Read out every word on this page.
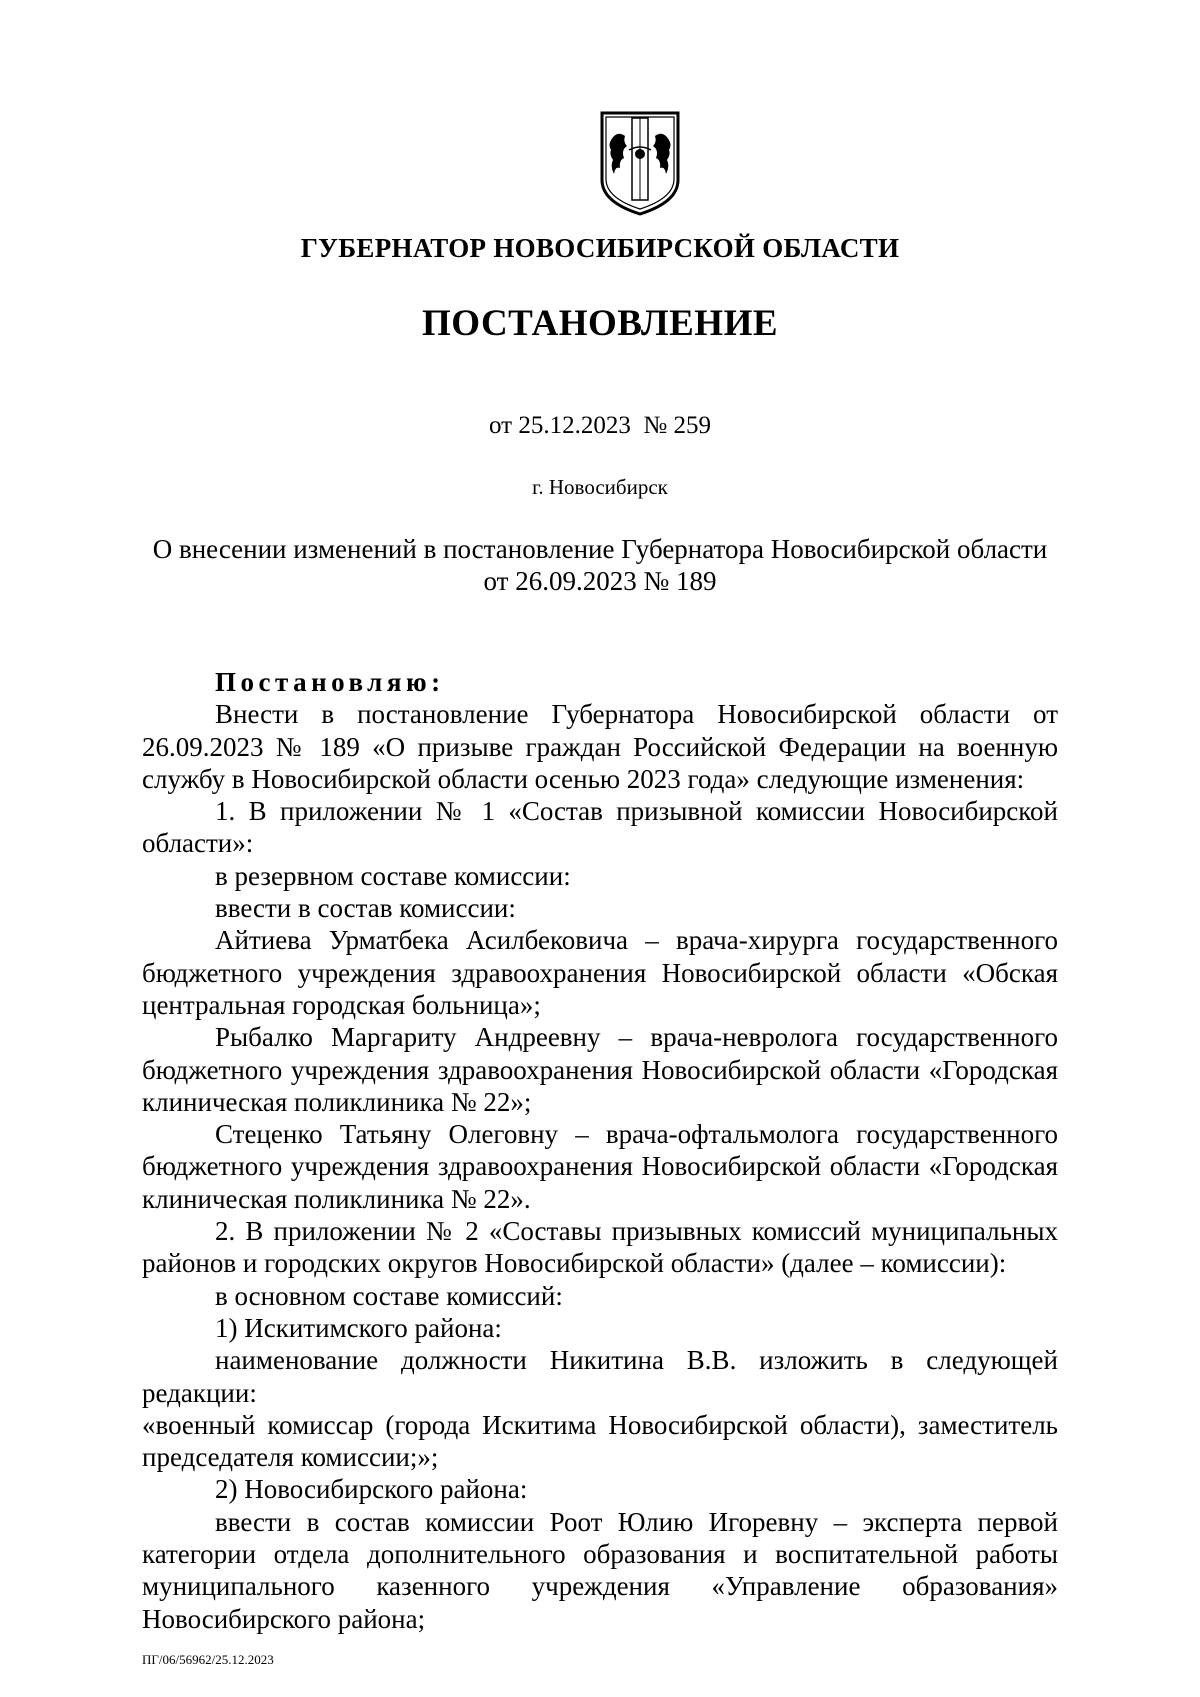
ГУБЕРНАТОР НОВОСИБИРСКОЙ ОБЛАСТИ
ПОСТАНОВЛЕНИЕ
от 25.12.2023  № 259
г. Новосибирск
О внесении изменений в постановление Губернатора Новосибирской области
от 26.09.2023 № 189

Постановляю:

Внести в постановление Губернатора Новосибирской области от 26.09.2023 № 189 «О призыве граждан Российской Федерации на военную службу в Новосибирской области осенью 2023 года» следующие изменения:

1. В приложении № 1 «Состав призывной комиссии Новосибирской области»:

в резервном составе комиссии:

ввести в состав комиссии:

Айтиева Урматбека Асилбековича – врача-хирурга государственного бюджетного учреждения здравоохранения Новосибирской области «Обская центральная городская больница»;

Рыбалко Маргариту Андреевну – врача-невролога государственного бюджетного учреждения здравоохранения Новосибирской области «Городская клиническая поликлиника № 22»;

Стеценко Татьяну Олеговну – врача-офтальмолога государственного бюджетного учреждения здравоохранения Новосибирской области «Городская клиническая поликлиника № 22».

2. В приложении № 2 «Составы призывных комиссий муниципальных районов и городских округов Новосибирской области» (далее – комиссии):

в основном составе комиссий:

1) Искитимского района:

наименование должности Никитина В.В. изложить в следующей редакции:

«военный комиссар (города Искитима Новосибирской области), заместитель председателя комиссии;»;

2) Новосибирского района:

ввести в состав комиссии Роот Юлию Игоревну – эксперта первой категории отдела дополнительного образования и воспитательной работы муниципального казенного учреждения «Управление образования» Новосибирского района;

ПГ/06/56962/25.12.2023
